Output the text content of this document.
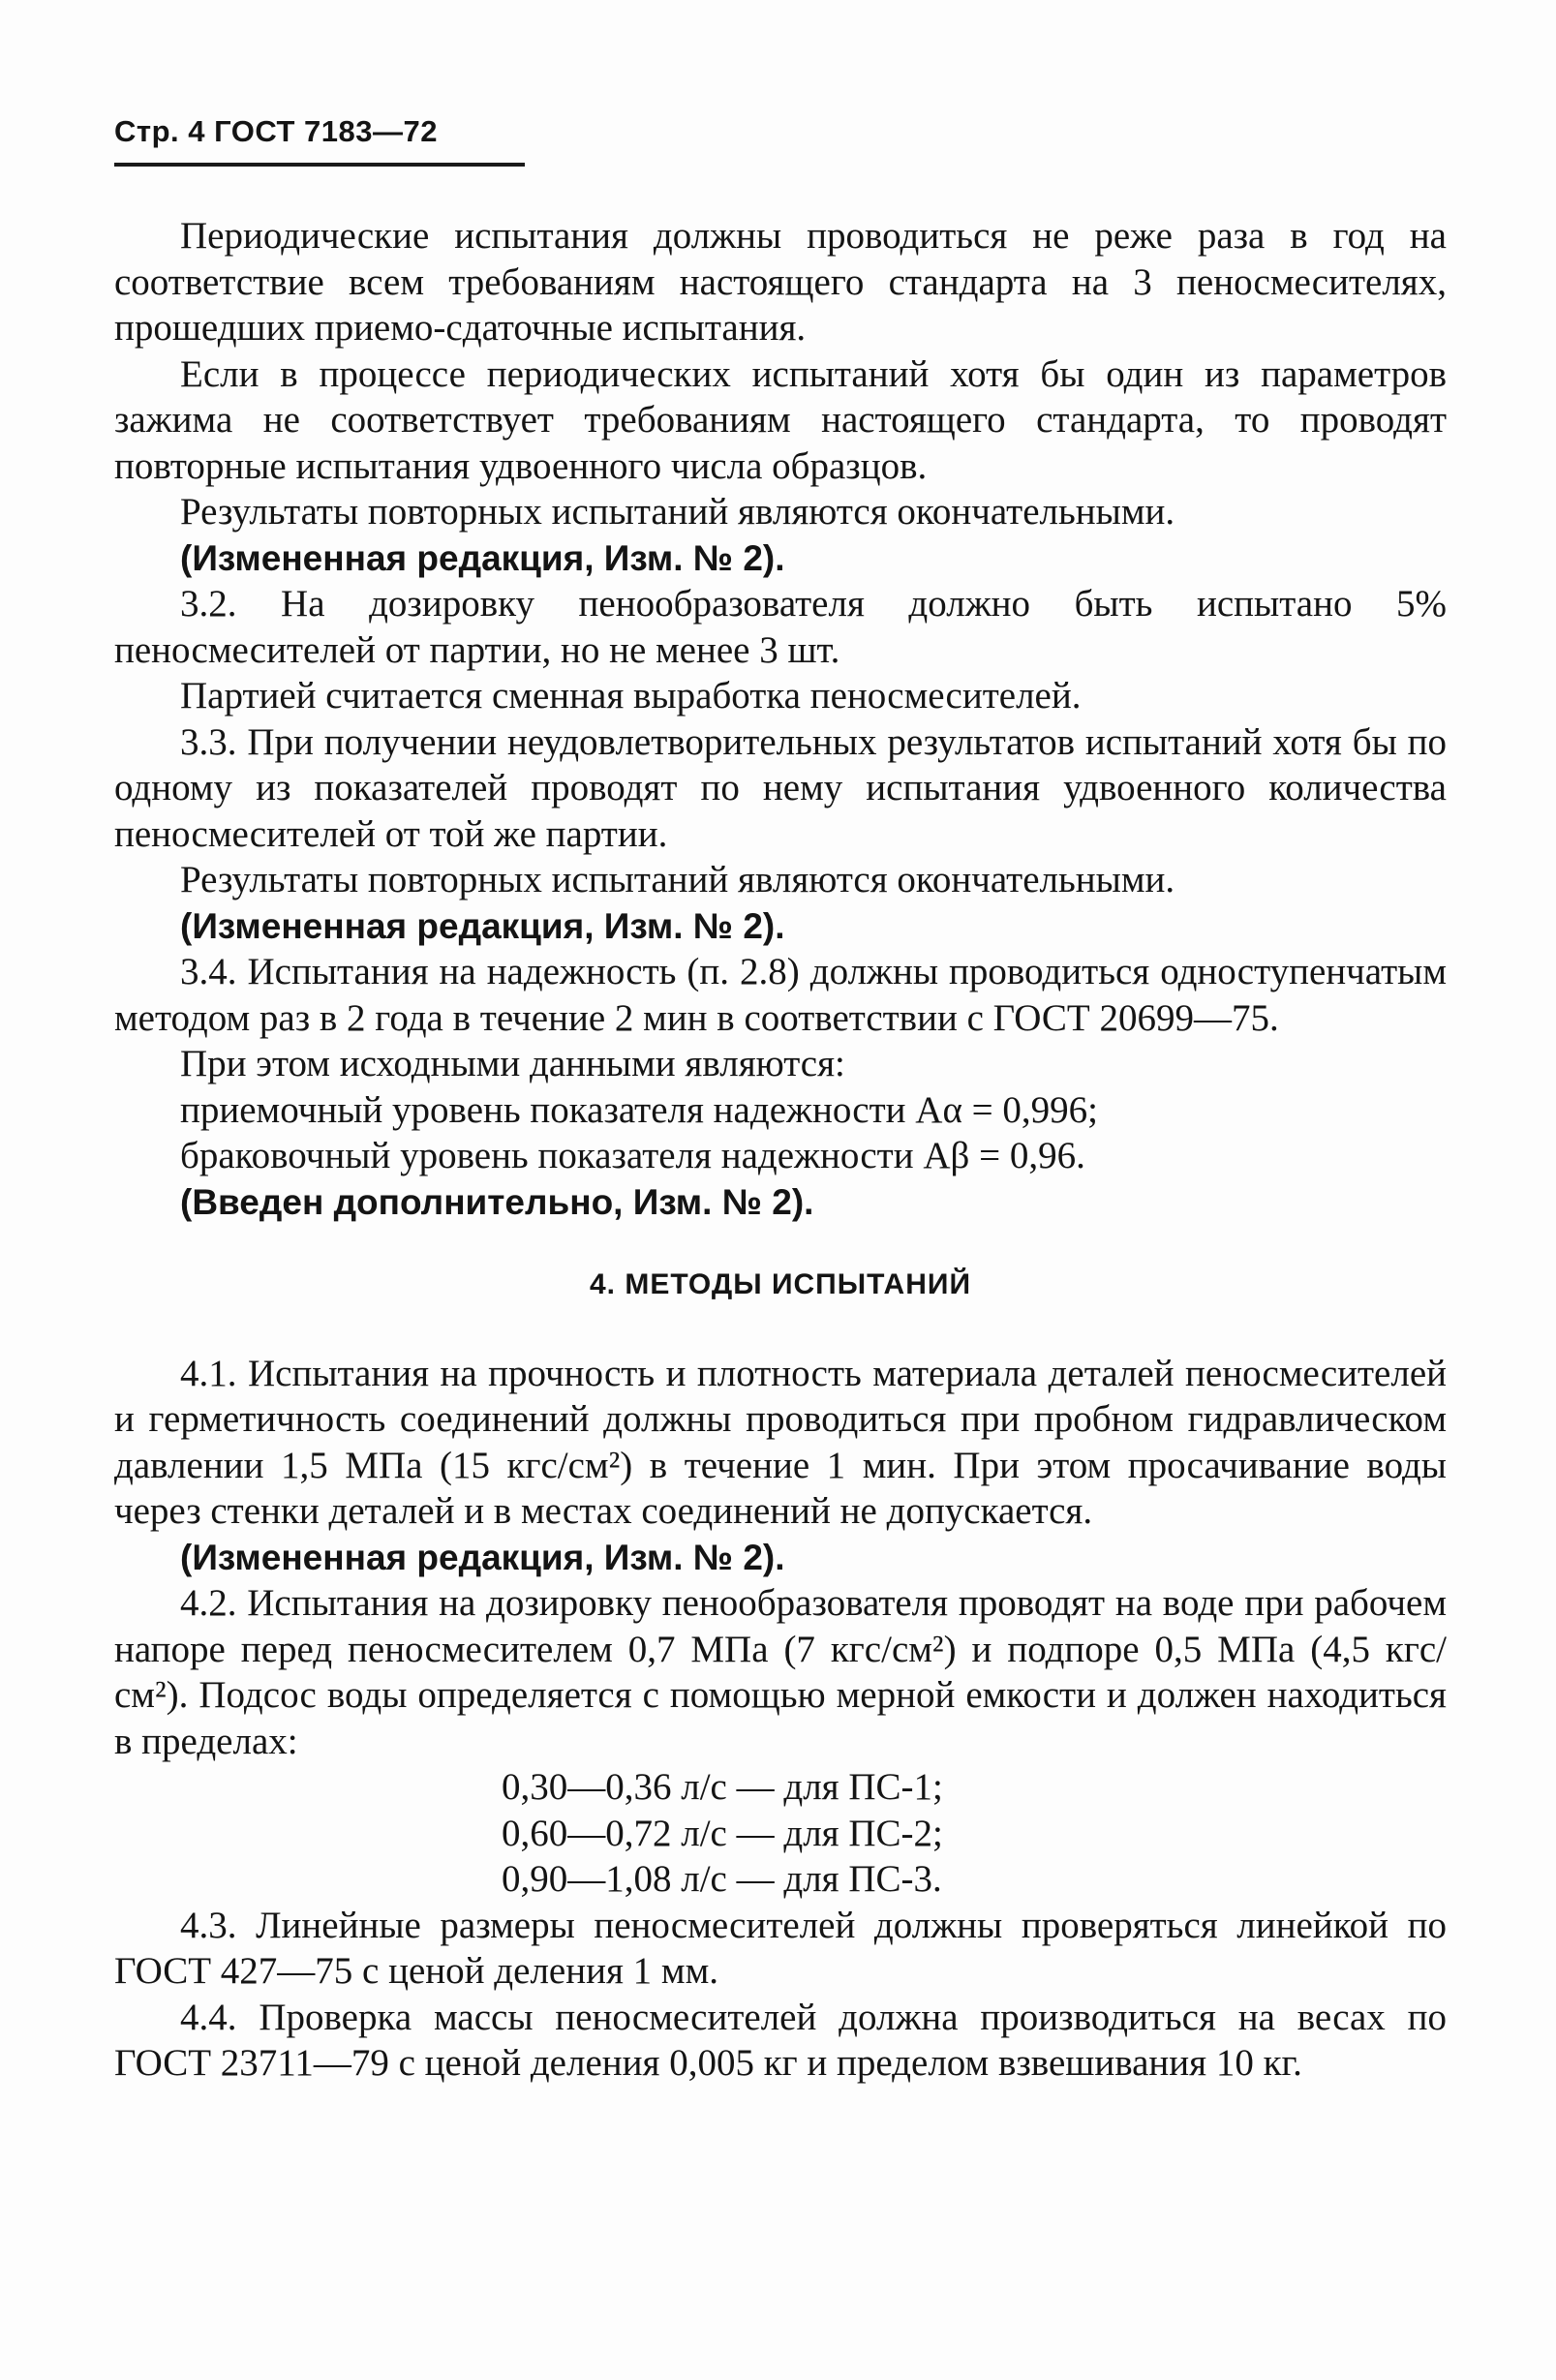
Стр. 4 ГОСТ 7183—72

Периодические испытания должны проводиться не реже раза в год на соответствие всем требованиям настоящего стандарта на 3 пеносмесителях, прошедших приемо-сдаточные испытания.

Если в процессе периодических испытаний хотя бы один из параметров зажима не соответствует требованиям настоящего стандарта, то проводят повторные испытания удвоенного числа образцов.

Результаты повторных испытаний являются окончательными.

(Измененная редакция, Изм. № 2).

3.2. На дозировку пенообразователя должно быть испытано 5% пеносмесителей от партии, но не менее 3 шт.

Партией считается сменная выработка пеносмесителей.

3.3. При получении неудовлетворительных результатов испытаний хотя бы по одному из показателей проводят по нему испытания удвоенного количества пеносмесителей от той же партии.

Результаты повторных испытаний являются окончательными.

(Измененная редакция, Изм. № 2).

3.4. Испытания на надежность (п. 2.8) должны проводиться одноступенчатым методом раз в 2 года в течение 2 мин в соответствии с ГОСТ 20699—75.

При этом исходными данными являются:

приемочный уровень показателя надежности Aα = 0,996;

браковочный уровень показателя надежности Aβ = 0,96.

(Введен дополнительно, Изм. № 2).

4. МЕТОДЫ ИСПЫТАНИЙ

4.1. Испытания на прочность и плотность материала деталей пеносмесителей и герметичность соединений должны проводиться при пробном гидравлическом давлении 1,5 МПа (15 кгс/см²) в течение 1 мин. При этом просачивание воды через стенки деталей и в местах соединений не допускается.

(Измененная редакция, Изм. № 2).

4.2. Испытания на дозировку пенообразователя проводят на воде при рабочем напоре перед пеносмесителем 0,7 МПа (7 кгс/см²) и подпоре 0,5 МПа (4,5 кгс/см²). Подсос воды определяется с помощью мерной емкости и должен находиться в пределах:

0,30—0,36 л/с — для ПС-1;

0,60—0,72 л/с — для ПС-2;

0,90—1,08 л/с — для ПС-3.

4.3. Линейные размеры пеносмесителей должны проверяться линейкой по ГОСТ 427—75 с ценой деления 1 мм.

4.4. Проверка массы пеносмесителей должна производиться на весах по ГОСТ 23711—79 с ценой деления 0,005 кг и пределом взвешивания 10 кг.
